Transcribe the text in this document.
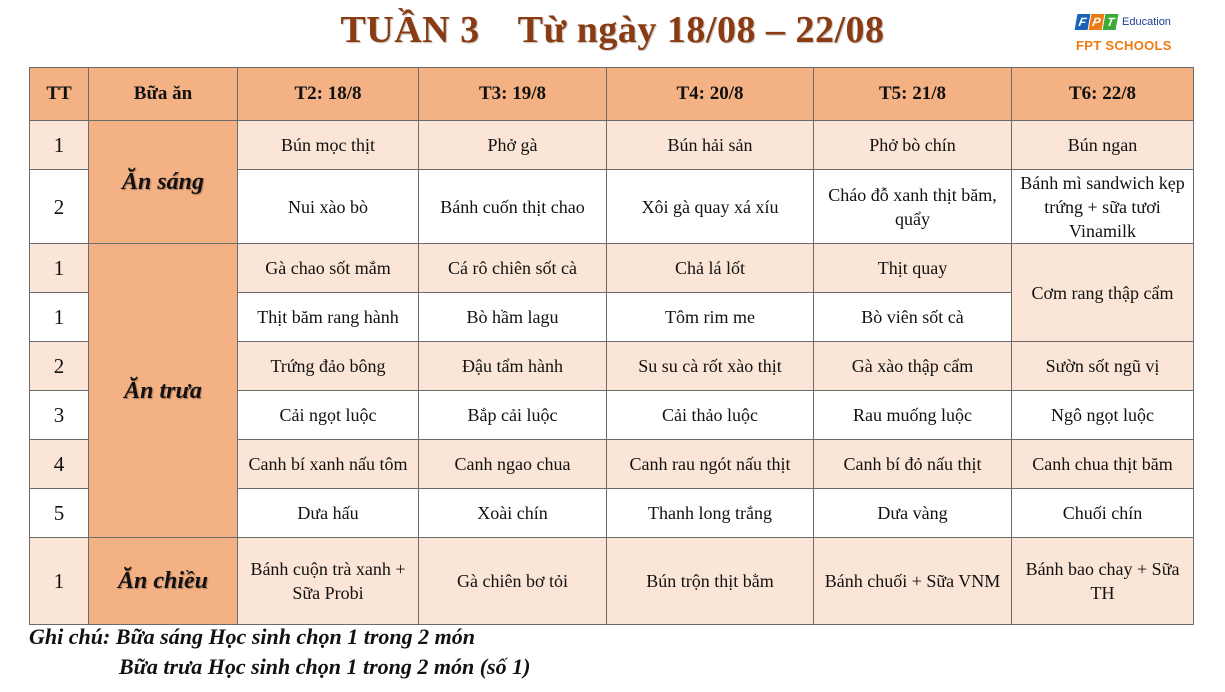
TUẦN 3 Từ ngày 18/08 – 22/08	F P T Education
FPT SCHOOLS
TT	Bữa ăn	T2: 18/8	T3: 19/8	T4: 20/8	T5: 21/8	T6: 22/8
1	Ăn sáng	Bún mọc thịt	Phở gà	Bún hải sản	Phở bò chín	Bún ngan
2		Nui xào bò	Bánh cuốn thịt chao	Xôi gà quay xá xíu	Cháo đỗ xanh thịt băm, quẩy	Bánh mì sandwich kẹp trứng + sữa tươi Vinamilk
1	Ăn trưa	Gà chao sốt mắm	Cá rô chiên sốt cà	Chả lá lốt	Thịt quay	Cơm rang thập cẩm
1		Thịt băm rang hành	Bò hầm lagu	Tôm rim me	Bò viên sốt cà	
2		Trứng đảo bông	Đậu tẩm hành	Su su cà rốt xào thịt	Gà xào thập cẩm	Sườn sốt ngũ vị
3		Cải ngọt luộc	Bắp cải luộc	Cải thảo luộc	Rau muống luộc	Ngô ngọt luộc
4		Canh bí xanh nấu tôm	Canh ngao chua	Canh rau ngót nấu thịt	Canh bí đỏ nấu thịt	Canh chua thịt băm
5		Dưa hấu	Xoài chín	Thanh long trắng	Dưa vàng	Chuối chín
1	Ăn chiều	Bánh cuộn trà xanh + Sữa Probi	Gà chiên bơ tỏi	Bún trộn thịt bằm	Bánh chuối + Sữa VNM	Bánh bao chay + Sữa TH
Ghi chú: Bữa sáng Học sinh chọn 1 trong 2 món
Bữa trưa Học sinh chọn 1 trong 2 món (số 1)
